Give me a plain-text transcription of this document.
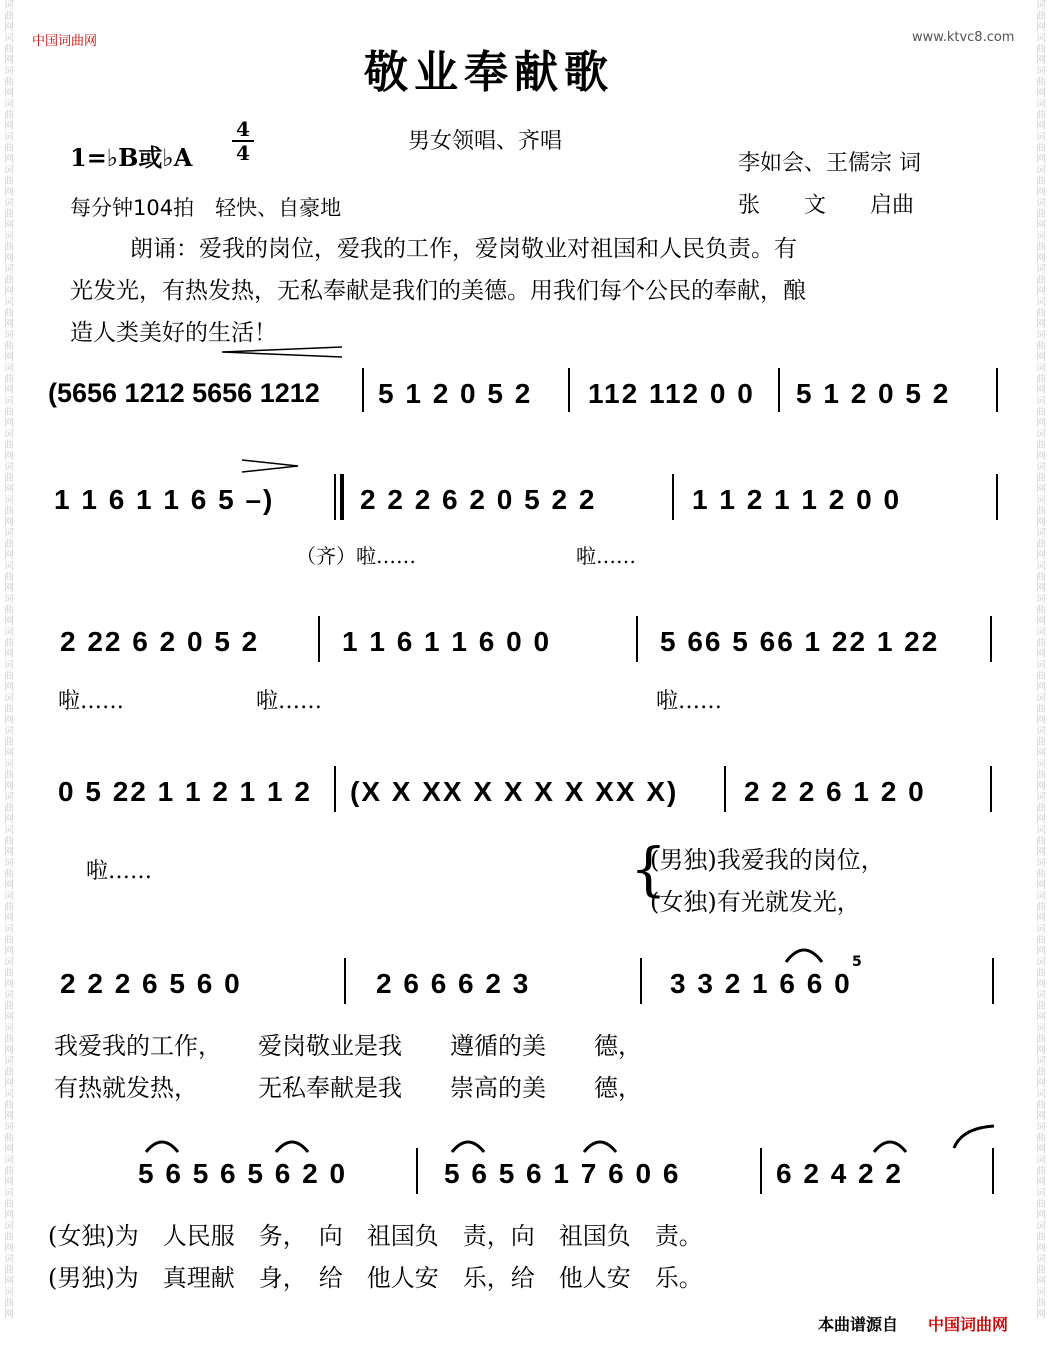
词曲网词曲网词曲网词曲网词曲网词曲网词曲网词曲网词曲网词曲网词曲网词曲网词曲网词曲网词曲网词曲网词曲网词曲网词曲网词曲网词曲网词曲网词曲网词曲网词曲网词曲网词曲网词曲网词曲网词曲网词曲网词曲网词曲网词曲网词曲网词曲网词曲网词曲网词曲网词曲网
词曲网词曲网词曲网词曲网词曲网词曲网词曲网词曲网词曲网词曲网词曲网词曲网词曲网词曲网词曲网词曲网词曲网词曲网词曲网词曲网词曲网词曲网词曲网词曲网词曲网词曲网词曲网词曲网词曲网词曲网词曲网词曲网词曲网词曲网词曲网词曲网词曲网词曲网词曲网词曲网
中国词曲网	www.ktvc8.com
敬业奉献歌
1=♭B或♭A
4
4	男女领唱、齐唱
李如会、王儒宗 词
张　　文　　启曲
每分钟104拍　轻快、自豪地
朗诵：爱我的岗位，爱我的工作，爱岗敬业对祖国和人民负责。有
光发光，有热发热，无私奉献是我们的美德。用我们每个公民的奉献，酿
造人类美好的生活！
(5656 1212 5656 1212 5 1 2 0 5 2 112 112 0 0 5 1 2 0 5 2
1 1 6 1 1 6 5 –)	2 2 2 6 2 0 5 2 2	1 1 2 1 1 2 0 0
（齐）啦……　　　　　　　　啦……
2 22 6 2 0 5 2	1 1 6 1 1 6 0 0	5 66 5 66 1 22 1 22
啦……　　　　　　啦……	啦……
0 5 22 1 1 2 1 1 2 (X X XX X X X X XX X) 2 2 2 6 1 2 0
啦……	{
(男独)我爱我的岗位，
(女独)有光就发光，
5
2 2 2 6 5 6 0	2 6 6 6 2 3	3 3 2 1 6 6 0
我爱我的工作，　　爱岗敬业是我　　遵循的美　　德，
有热就发热，　　　无私奉献是我　　崇高的美　　德，
5 6 5 6 5 6 2 0	5 6 5 6 1 7 6 0 6	6 2 4 2 2
(女独)为　人民服　务，　向　祖国负　责，向　祖国负　责。
(男独)为　真理献　身，　给　他人安　乐，给　他人安　乐。
本曲谱源自 中国词曲网
